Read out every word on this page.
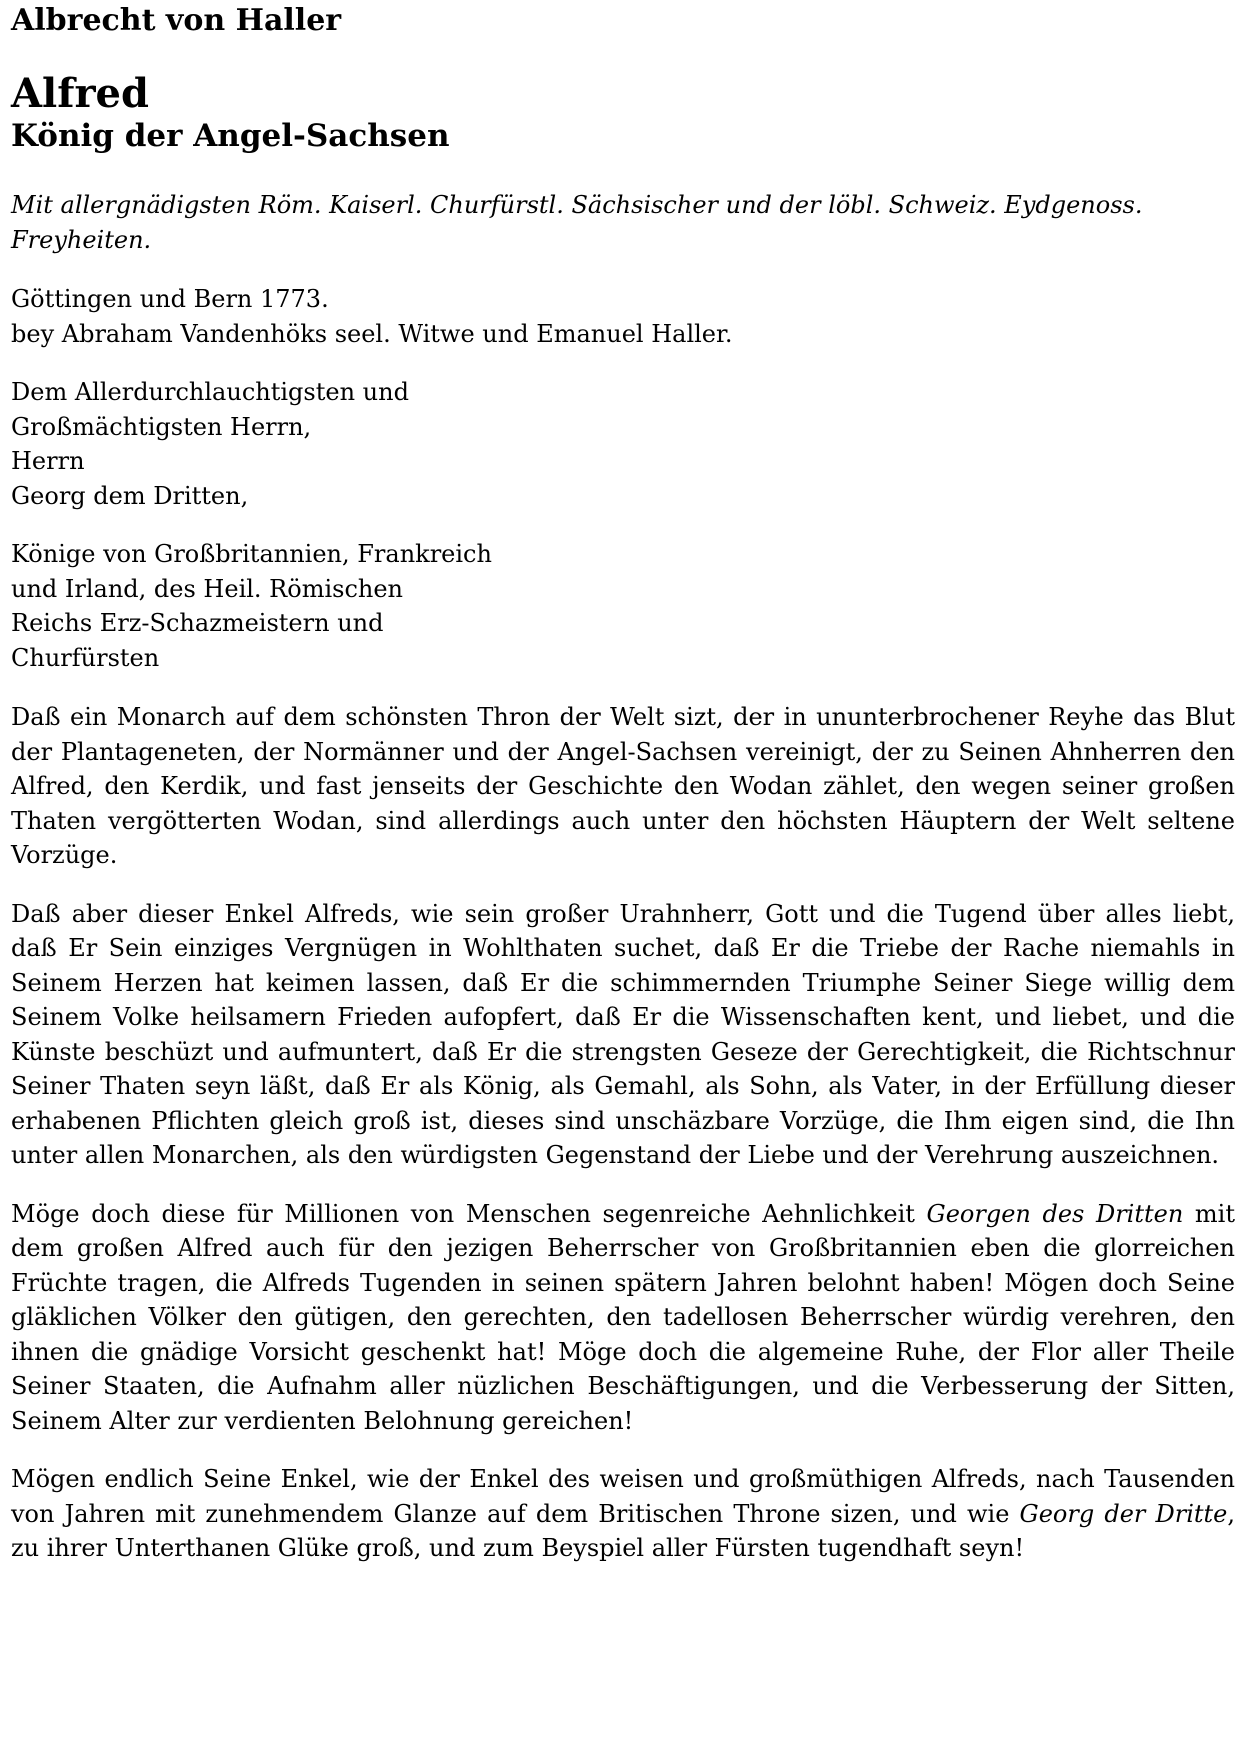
Albrecht von Haller
Alfred
König der Angel-Sachsen

Mit allergnädigsten Röm. Kaiserl. Churfürstl. Sächsischer und der löbl. Schweiz. Eydgenoss. Freyheiten.

Göttingen und Bern 1773.
bey Abraham Vandenhöks seel. Witwe und Emanuel Haller.

Dem Allerdurchlauchtigsten und
Großmächtigsten Herrn,
Herrn
Georg dem Dritten,

Könige von Großbritannien, Frankreich
und Irland, des Heil. Römischen
Reichs Erz-Schazmeistern und
Churfürsten

Daß ein Monarch auf dem schönsten Thron der Welt sizt, der in ununterbrochener Reyhe das Blut der Plantageneten, der Normänner und der Angel-Sachsen vereinigt, der zu Seinen Ahnherren den Alfred, den Kerdik, und fast jenseits der Geschichte den Wodan zählet, den wegen seiner großen Thaten vergötterten Wodan, sind allerdings auch unter den höchsten Häuptern der Welt seltene Vorzüge.

Daß aber dieser Enkel Alfreds, wie sein großer Urahnherr, Gott und die Tugend über alles liebt, daß Er Sein einziges Vergnügen in Wohlthaten suchet, daß Er die Triebe der Rache niemahls in Seinem Herzen hat keimen lassen, daß Er die schimmernden Triumphe Seiner Siege willig dem Seinem Volke heilsamern Frieden aufopfert, daß Er die Wissenschaften kent, und liebet, und die Künste beschüzt und aufmuntert, daß Er die strengsten Geseze der Gerechtigkeit, die Richtschnur Seiner Thaten seyn läßt, daß Er als König, als Gemahl, als Sohn, als Vater, in der Erfüllung dieser erhabenen Pflichten gleich groß ist, dieses sind unschäzbare Vorzüge, die Ihm eigen sind, die Ihn unter allen Monarchen, als den würdigsten Gegenstand der Liebe und der Verehrung auszeichnen.

Möge doch diese für Millionen von Menschen segenreiche Aehnlichkeit Georgen des Dritten mit dem großen Alfred auch für den jezigen Beherrscher von Großbritannien eben die glorreichen Früchte tragen, die Alfreds Tugenden in seinen spätern Jahren belohnt haben! Mögen doch Seine gläklichen Völker den gütigen, den gerechten, den tadellosen Beherrscher würdig verehren, den ihnen die gnädige Vorsicht geschenkt hat! Möge doch die algemeine Ruhe, der Flor aller Theile Seiner Staaten, die Aufnahm aller nüzlichen Beschäftigungen, und die Verbesserung der Sitten, Seinem Alter zur verdienten Belohnung gereichen!

Mögen endlich Seine Enkel, wie der Enkel des weisen und großmüthigen Alfreds, nach Tausenden von Jahren mit zunehmendem Glanze auf dem Britischen Throne sizen, und wie Georg der Dritte, zu ihrer Unterthanen Glüke groß, und zum Beyspiel aller Fürsten tugendhaft seyn!
